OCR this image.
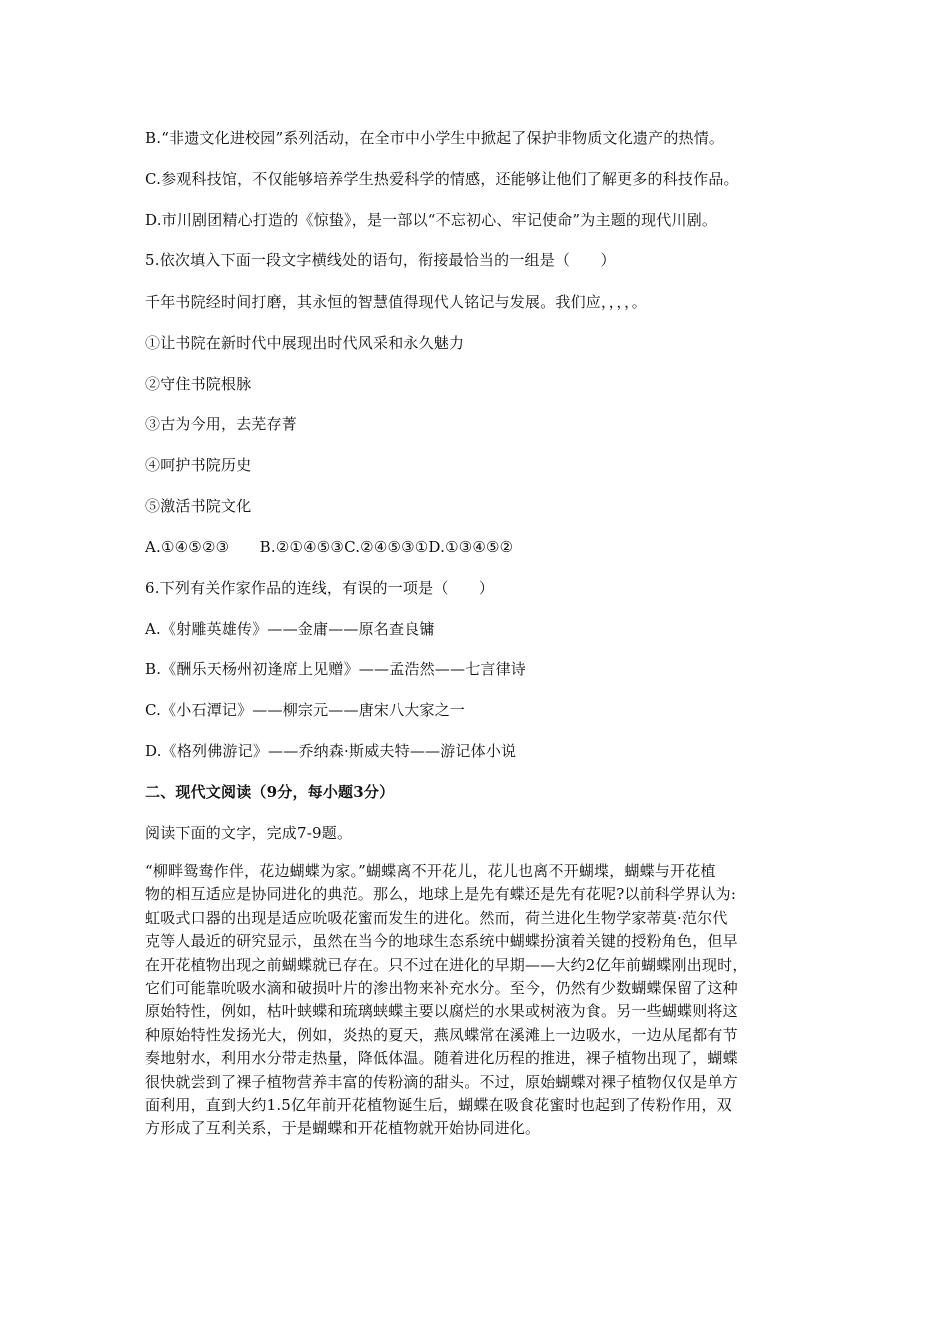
B.“非遗文化进校园”系列活动，在全市中小学生中掀起了保护非物质文化遗产的热情。
C.参观科技馆，不仅能够培养学生热爱科学的情感，还能够让他们了解更多的科技作品。
D.市川剧团精心打造的《惊蛰》，是一部以“不忘初心、牢记使命”为主题的现代川剧。
5.依次填入下面一段文字横线处的语句，衔接最恰当的一组是（　　）
千年书院经时间打磨，其永恒的智慧值得现代人铭记与发展。我们应，，，，。
①让书院在新时代中展现出时代风采和永久魅力
②守住书院根脉
③古为今用，去芜存菁
④呵护书院历史
⑤激活书院文化
A.①④⑤②③　　B.②①④⑤③C.②④⑤③①D.①③④⑤②
6.下列有关作家作品的连线，有误的一项是（　　）
A.《射雕英雄传》——金庸——原名查良镛
B.《酬乐天杨州初逢席上见赠》——孟浩然——七言律诗
C.《小石潭记》——柳宗元——唐宋八大家之一
D.《格列佛游记》——乔纳森·斯威夫特——游记体小说
二、现代文阅读（9分，每小题3分）
阅读下面的文字，完成7-9题。
“柳畔鸳鸯作伴，花边蝴蝶为家。”蝴蝶离不开花儿，花儿也离不开蝴堞，蝴蝶与开花植
物的相互适应是协同进化的典范。那么，地球上是先有蝶还是先有花呢?以前科学界认为:
虹吸式口器的出现是适应吮吸花蜜而发生的进化。然而，荷兰进化生物学家蒂莫·范尔代
克等人最近的研究显示，虽然在当今的地球生态系统中蝴蝶扮演着关键的授粉角色，但早
在开花植物出现之前蝴蝶就已存在。只不过在进化的早期——大约2亿年前蝴蝶刚出现时，
它们可能靠吮吸水滴和破损叶片的渗出物来补充水分。至今，仍然有少数蝴蝶保留了这种
原始特性，例如，枯叶蛱蝶和琉璃蛱蝶主要以腐烂的水果或树液为食。另一些蝴蝶则将这
种原始特性发扬光大，例如，炎热的夏天，燕凤蝶常在溪滩上一边吸水，一边从尾都有节
奏地射水，利用水分带走热量，降低体温。随着进化历程的推进，裸子植物出现了，蝴蝶
很快就尝到了裸子植物营养丰富的传粉滴的甜头。不过，原始蝴蝶对裸子植物仅仅是单方
面利用，直到大约1.5亿年前开花植物诞生后，蝴蝶在吸食花蜜时也起到了传粉作用，双
方形成了互利关系，于是蝴蝶和开花植物就开始协同进化。
